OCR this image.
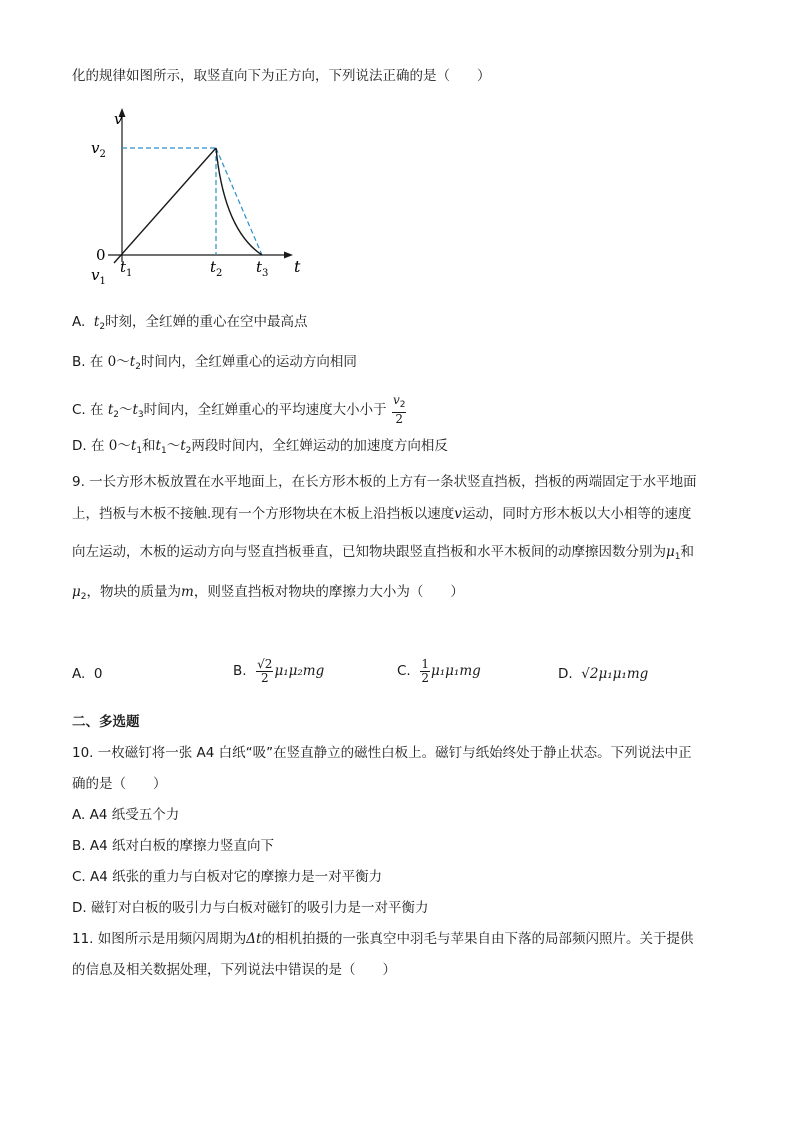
化的规律如图所示，取竖直向下为正方向，下列说法正确的是（　　）
v
$v_2$
0
$v_1$
$t_1$	$t_2$ $t_3$ t
A. $t_2$时刻，全红婵的重心在空中最高点
B. 在 $0\sim t_2$时间内，全红婵重心的运动方向相同
C. 在 $t_2\sim t_3$时间内，全红婵重心的平均速度大小小于 $\frac{v_2}{2}$
D. 在 $0\sim t_1$和$t_1\sim t_2$两段时间内，全红婵运动的加速度方向相反
9. 一长方形木板放置在水平地面上，在长方形木板的上方有一条状竖直挡板，挡板的两端固定于水平地面
上，挡板与木板不接触.现有一个方形物块在木板上沿挡板以速度v运动，同时方形木板以大小相等的速度
向左运动，木板的运动方向与竖直挡板垂直，已知物块跟竖直挡板和水平木板间的动摩擦因数分别为$\mu_1$和
$\mu_2$，物块的质量为m，则竖直挡板对物块的摩擦力大小为（　　）
A. 0	B. $\frac{√2}{2} \mu_1\mu_2mg$	C. $\frac{1}{2} \mu_1\mu_1mg$	D. √2μ₁μ₁mg
二、多选题
10. 一枚磁钉将一张 A4 白纸“吸”在竖直静立的磁性白板上。磁钉与纸始终处于静止状态。下列说法中正
确的是（　　）
A. A4 纸受五个力
B. A4 纸对白板的摩擦力竖直向下
C. A4 纸张的重力与白板对它的摩擦力是一对平衡力
D. 磁钉对白板的吸引力与白板对磁钉的吸引力是一对平衡力
11. 如图所示是用频闪周期为Δt的相机拍摄的一张真空中羽毛与苹果自由下落的局部频闪照片。关于提供
的信息及相关数据处理，下列说法中错误的是（　　）
